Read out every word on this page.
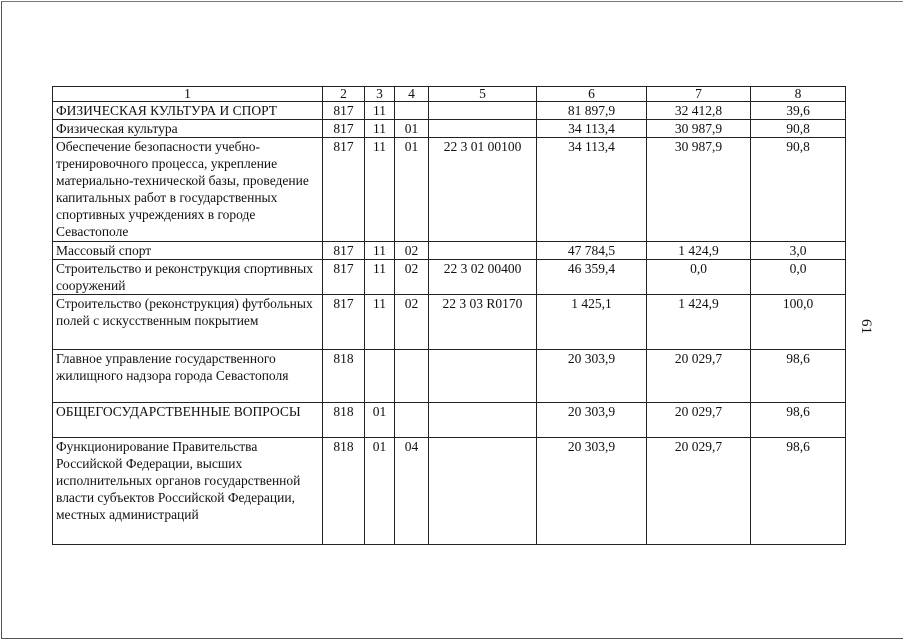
1	2	3	4	5	6	7	8
ФИЗИЧЕСКАЯ КУЛЬТУРА И СПОРТ	817	11			81 897,9	32 412,8	39,6
Физическая культура	817	11	01		34 113,4	30 987,9	90,8
Обеспечение безопасности учебно-тренировочного процесса, укрепление материально-технической базы, проведение капитальных работ в государственных спортивных учреждениях в городе Севастополе	817	11	01	22 3 01 00100	34 113,4	30 987,9	90,8
Массовый спорт	817	11	02		47 784,5	1 424,9	3,0
Строительство и реконструкция спортивных сооружений	817	11	02	22 3 02 00400	46 359,4	0,0	0,0
Строительство (реконструкция) футбольных полей с искусственным покрытием	817	11	02	22 3 03 R0170	1 425,1	1 424,9	100,0
Главное управление государственного жилищного надзора города Севастополя	818				20 303,9	20 029,7	98,6
ОБЩЕГОСУДАРСТВЕННЫЕ ВОПРОСЫ	818	01			20 303,9	20 029,7	98,6
Функционирование Правительства Российской Федерации, высших исполнительных органов государственной власти субъектов Российской Федерации, местных администраций	818	01	04		20 303,9	20 029,7	98,6
61
